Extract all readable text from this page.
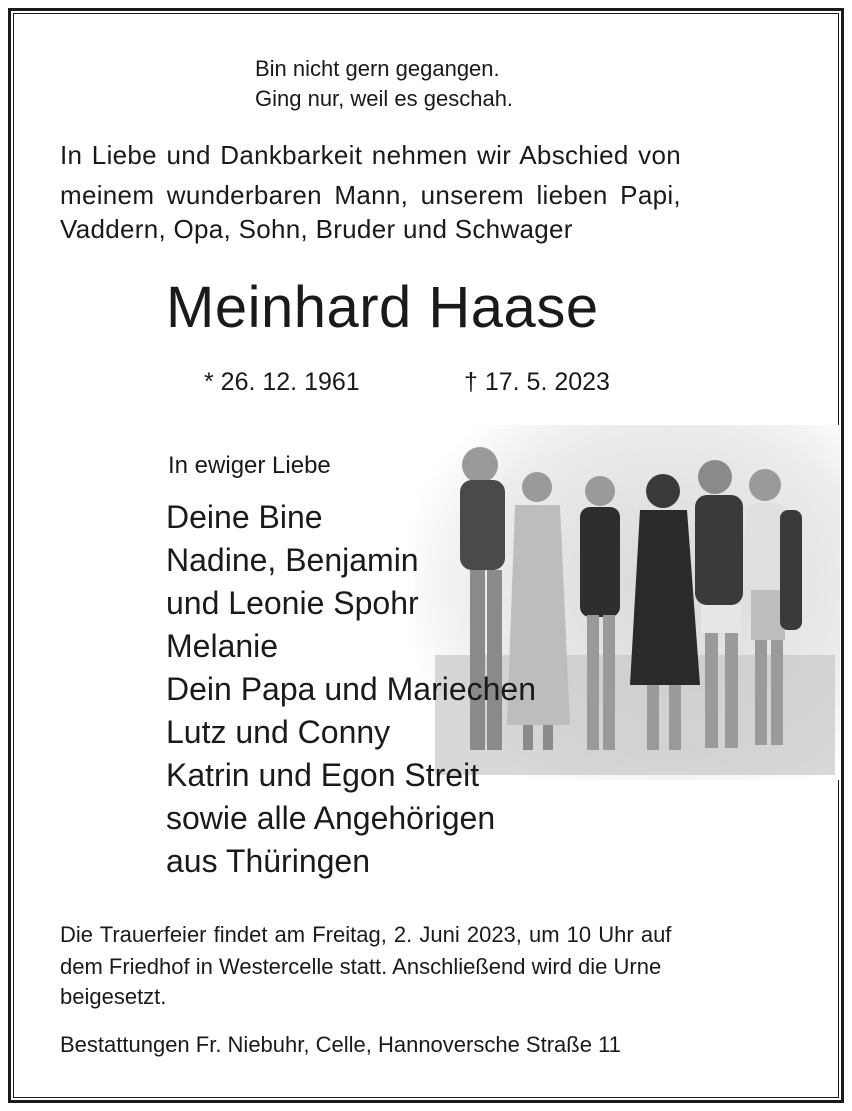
Bin nicht gern gegangen.
Ging nur, weil es geschah.
In Liebe und Dankbarkeit nehmen wir Abschied von
meinem wunderbaren Mann, unserem lieben Papi,
Vaddern, Opa, Sohn, Bruder und Schwager
Meinhard Haase
* 26. 12. 1961	† 17. 5. 2023
In ewiger Liebe
Deine Bine
Nadine, Benjamin
und Leonie Spohr
Melanie
Dein Papa und Mariechen
Lutz und Conny
Katrin und Egon Streit
sowie alle Angehörigen
aus Thüringen
Die Trauerfeier findet am Freitag, 2. Juni 2023, um 10 Uhr auf
dem Friedhof in Westercelle statt. Anschließend wird die Urne
beigesetzt.
Bestattungen Fr. Niebuhr, Celle, Hannoversche Straße 11
